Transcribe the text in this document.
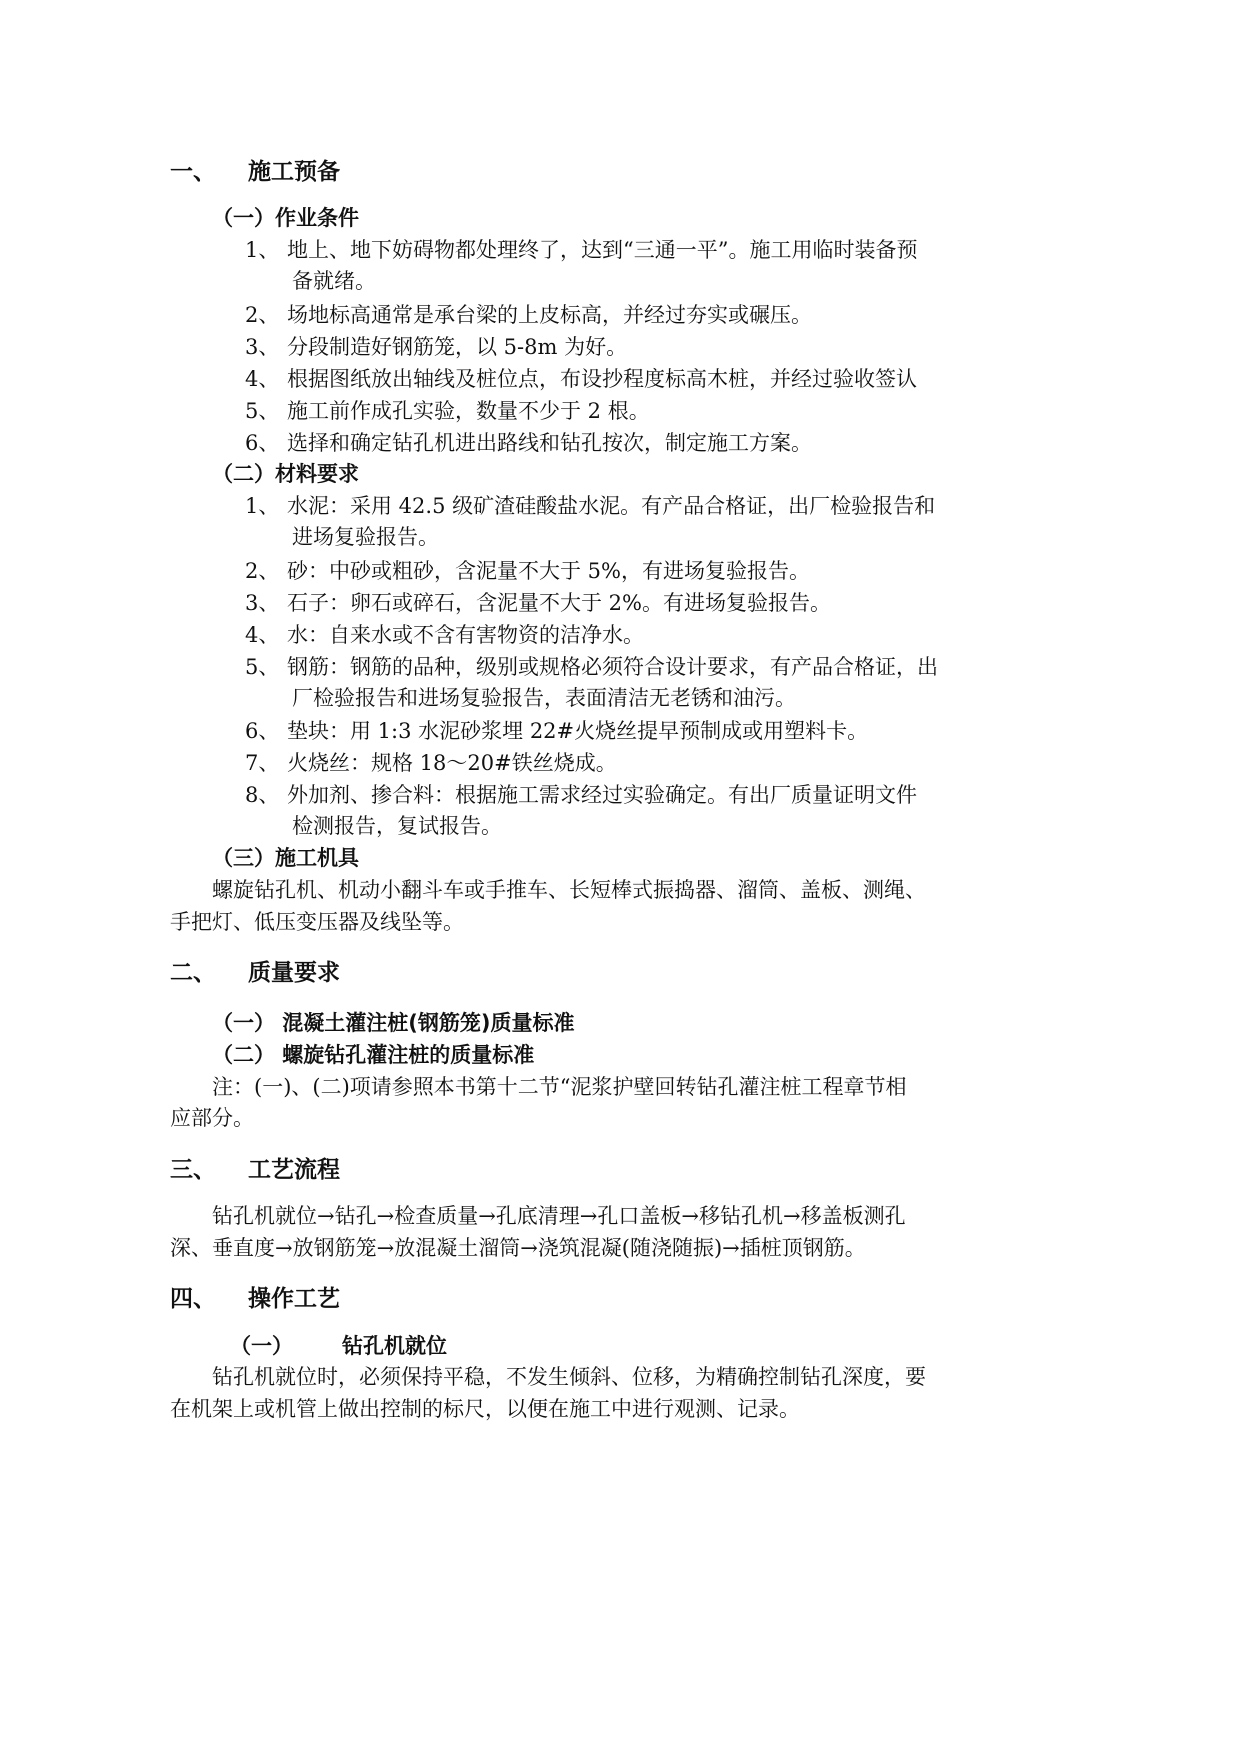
一、 施工预备
（一）作业条件
1、 地上、地下妨碍物都处理终了，达到“三通一平”。施工用临时装备预
备就绪。
2、 场地标高通常是承台梁的上皮标高，并经过夯实或碾压。
3、 分段制造好钢筋笼，以 5-8m 为好。
4、 根据图纸放出轴线及桩位点，布设抄程度标高木桩，并经过验收签认
5、 施工前作成孔实验，数量不少于 2 根。
6、 选择和确定钻孔机进出路线和钻孔按次，制定施工方案。
（二）材料要求
1、 水泥：采用 42.5 级矿渣硅酸盐水泥。有产品合格证，出厂检验报告和
进场复验报告。
2、 砂：中砂或粗砂，含泥量不大于 5%，有进场复验报告。
3、 石子：卵石或碎石，含泥量不大于 2%。有进场复验报告。
4、 水：自来水或不含有害物资的洁净水。
5、 钢筋：钢筋的品种，级别或规格必须符合设计要求，有产品合格证，出
厂检验报告和进场复验报告，表面清洁无老锈和油污。
6、 垫块：用 1:3 水泥砂浆埋 22#火烧丝提早预制成或用塑料卡。
7、 火烧丝：规格 18～20#铁丝烧成。
8、 外加剂、掺合料：根据施工需求经过实验确定。有出厂质量证明文件
检测报告，复试报告。
（三）施工机具
螺旋钻孔机、机动小翻斗车或手推车、长短棒式振捣器、溜筒、盖板、测绳、
手把灯、低压变压器及线坠等。
二、 质量要求
（一） 混凝土灌注桩(钢筋笼)质量标准
（二） 螺旋钻孔灌注桩的质量标准
注：(一)、(二)项请参照本书第十二节“泥浆护壁回转钻孔灌注桩工程章节相
应部分。
三、 工艺流程
钻孔机就位→钻孔→检查质量→孔底清理→孔口盖板→移钻孔机→移盖板测孔
深、垂直度→放钢筋笼→放混凝土溜筒→浇筑混凝(随浇随振)→插桩顶钢筋。
四、 操作工艺
（一） 钻孔机就位
钻孔机就位时，必须保持平稳，不发生倾斜、位移，为精确控制钻孔深度，要
在机架上或机管上做出控制的标尺，以便在施工中进行观测、记录。
